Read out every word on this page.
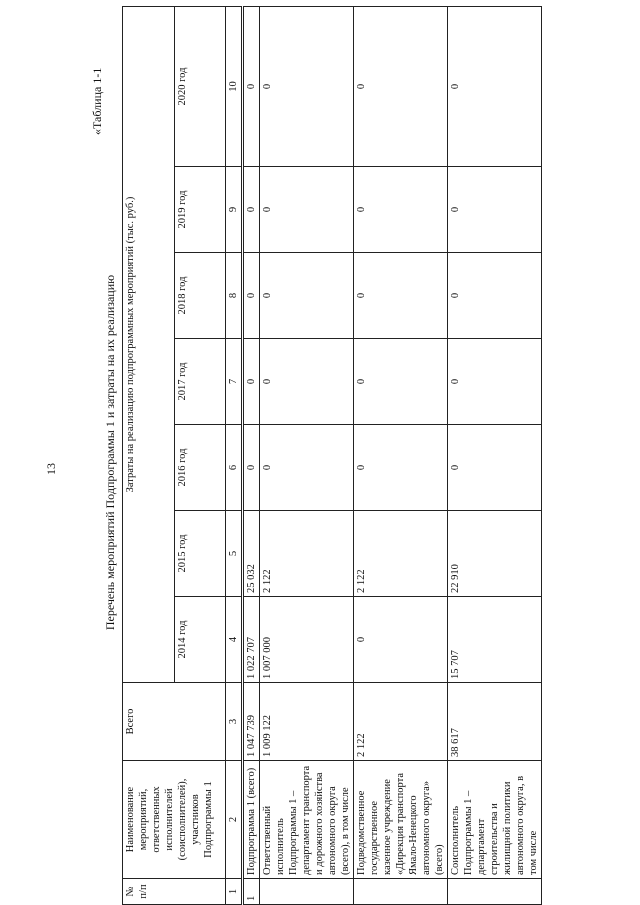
13
«Таблица 1-1
Перечень мероприятий Подпрограммы 1 и затраты на их реализацию
№ п/п	Наименование мероприятий, ответственных исполнителей (соисполнителей), участников Подпрограммы 1	Всего	Затраты на реализацию подпрограммных мероприятий (тыс. руб.)						
			2014 год	2015 год	2016 год	2017 год	2018 год	2019 год	2020 год
1	2	3	4	5	6	7	8	9	10
1	Подпрограмма 1 (всего)	1 047 739	1 022 707	25 032	0	0	0	0	0
	Ответственный исполнитель Подпрограммы 1 – департамент транспорта и дорожного хозяйства автономного округа (всего), в том числе	1 009 122	1 007 000	2 122	0	0	0	0	0
	Подведомственное государственное казенное учреждение «Дирекция транспорта Ямало-Ненецкого автономного округа» (всего)	2 122	0	2 122	0	0	0	0	0
	Соисполнитель Подпрограммы 1 – департамент строительства и жилищной политики автономного округа, в том числе	38 617	15 707	22 910	0	0	0	0	0
